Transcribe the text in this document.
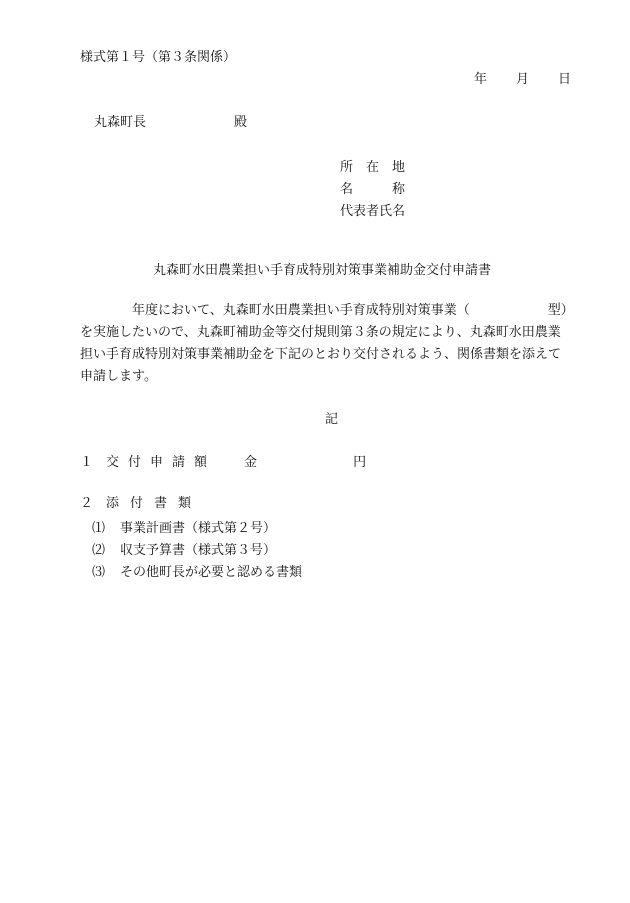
様式第１号（第３条関係）
年 月 日
丸森町長	殿
所　在　地
名　　　称
代表者氏名
丸森町水田農業担い手育成特別対策事業補助金交付申請書
年度において、丸森町水田農業担い手育成特別対策事業（	型）
を実施したいので、丸森町補助金等交付規則第３条の規定により、丸森町水田農業
担い手育成特別対策事業補助金を下記のとおり交付されるよう、関係書類を添えて
申請します。
記
１　 交付申請額 金	円
２　 添付書類
⑴ 事業計画書（様式第２号）
⑵ 収支予算書（様式第３号）
⑶ その他町長が必要と認める書類
